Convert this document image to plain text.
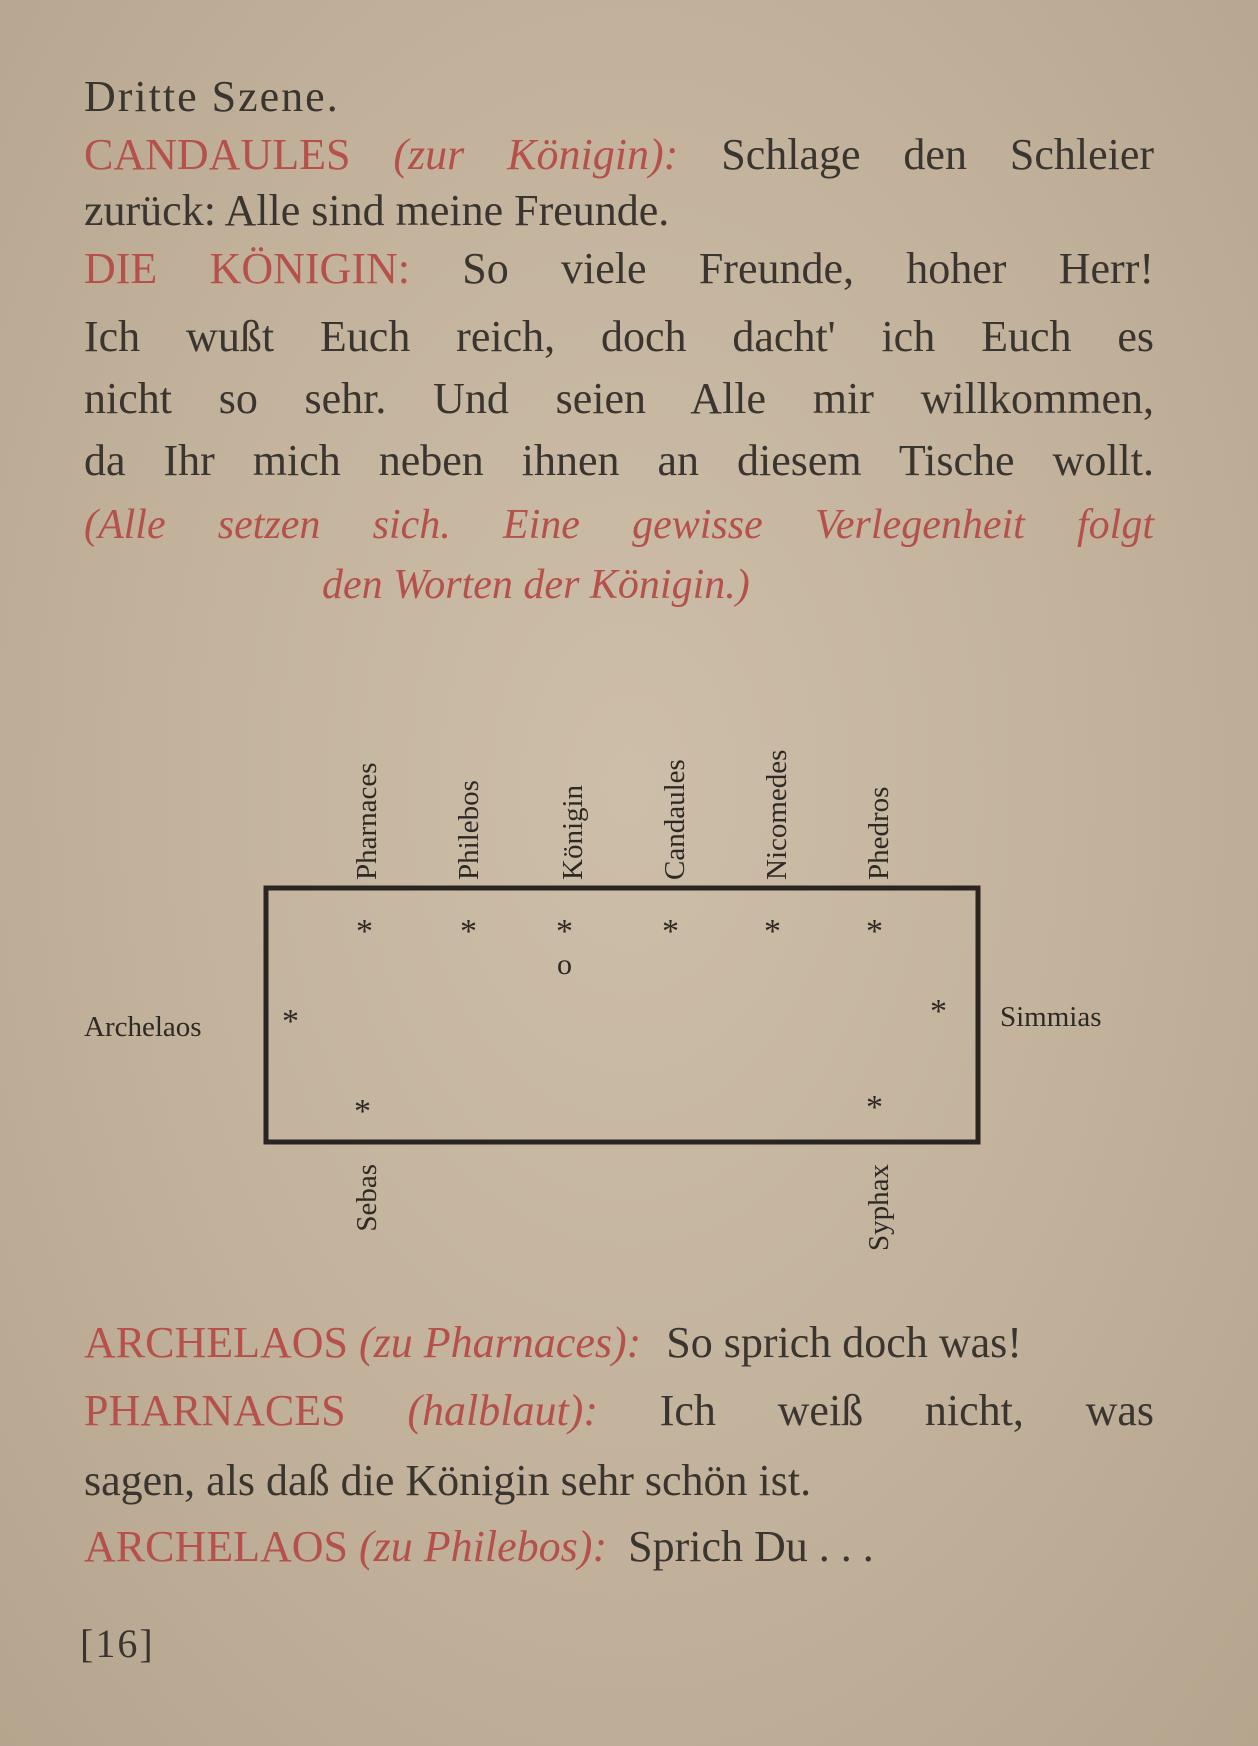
Dritte Szene.
CANDAULES (zur Königin): Schlage den Schleier
zurück: Alle sind meine Freunde.
DIE KÖNIGIN: So viele Freunde, hoher Herr!
Ich wußt Euch reich, doch dacht' ich Euch es
nicht so sehr. Und seien Alle mir willkommen,
da Ihr mich neben ihnen an diesem Tische wollt.
(Alle setzen sich. Eine gewisse Verlegenheit folgt
den Worten der Königin.)
Pharnaces Philebos Königin Candaules Nicomedes Phedros
*	* *	*	*	*
o
Archelaos *	Simmias
*
*	*
Sebas	Syphax
ARCHELAOS (zu Pharnaces): So sprich doch was!
PHARNACES (halblaut): Ich weiß nicht, was
sagen, als daß die Königin sehr schön ist.
ARCHELAOS (zu Philebos): Sprich Du . . .
[16]
